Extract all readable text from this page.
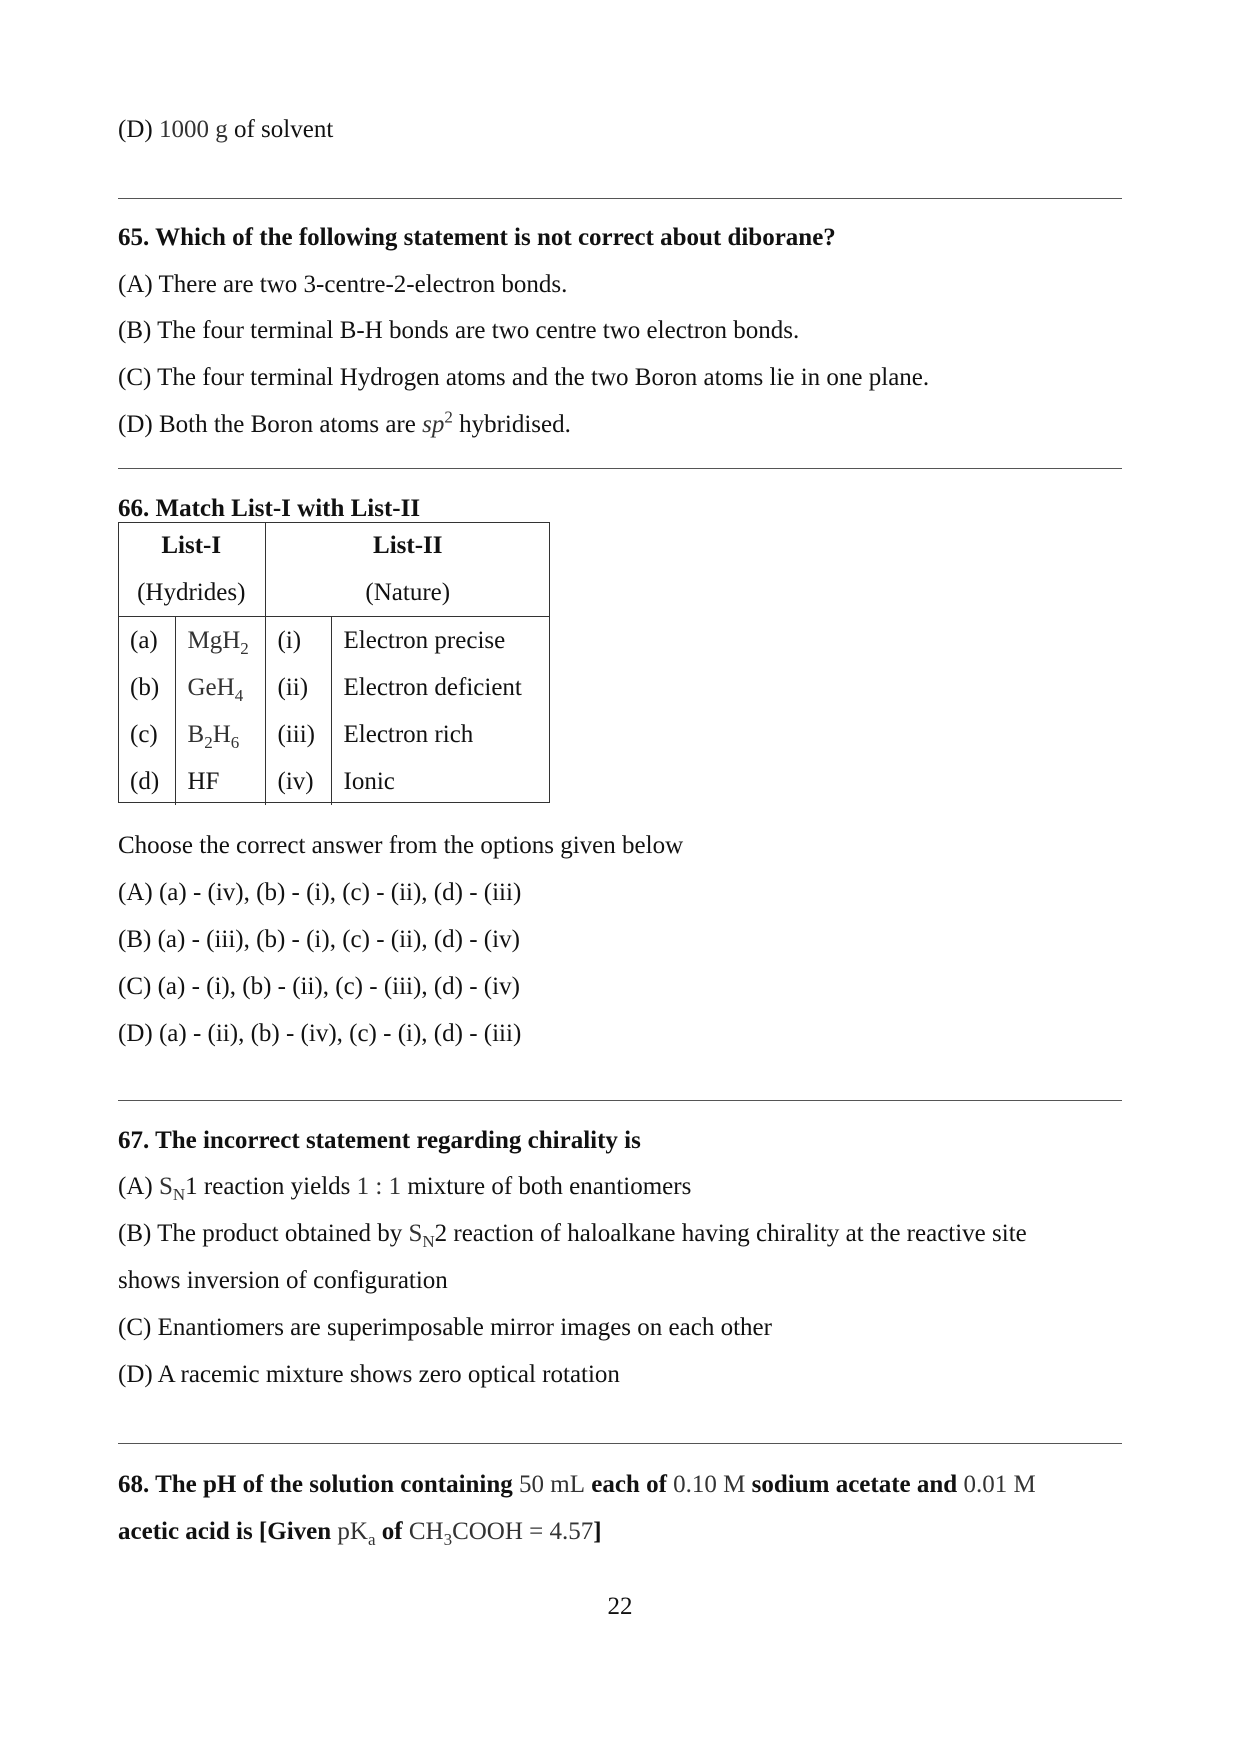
(D) 1000 g of solvent
65. Which of the following statement is not correct about diborane?
(A) There are two 3-centre-2-electron bonds.
(B) The four terminal B-H bonds are two centre two electron bonds.
(C) The four terminal Hydrogen atoms and the two Boron atoms lie in one plane.
(D) Both the Boron atoms are $sp^2$ hybridised.
66. Match List-I with List-II
List-I		List-II	
(Hydrides)		(Nature)	
(a)	MgH$_2$	(i)	Electron precise
(b)	GeH$_4$	(ii)	Electron deficient
(c)	$B_2H_6$	(iii)	Electron rich
(d)	HF	(iv)	Ionic
Choose the correct answer from the options given below
(A) (a) - (iv), (b) - (i), (c) - (ii), (d) - (iii)
(B) (a) - (iii), (b) - (i), (c) - (ii), (d) - (iv)
(C) (a) - (i), (b) - (ii), (c) - (iii), (d) - (iv)
(D) (a) - (ii), (b) - (iv), (c) - (i), (d) - (iii)
67. The incorrect statement regarding chirality is
(A) $S_N1$ reaction yields 1 : 1 mixture of both enantiomers
(B) The product obtained by $S_N2$ reaction of haloalkane having chirality at the reactive site
shows inversion of configuration
(C) Enantiomers are superimposable mirror images on each other
(D) A racemic mixture shows zero optical rotation
68. The pH of the solution containing 50 mL each of 0.10 M sodium acetate and 0.01 M
acetic acid is [Given $pK_a$ of $CH_3COOH = 4.57$]
22
